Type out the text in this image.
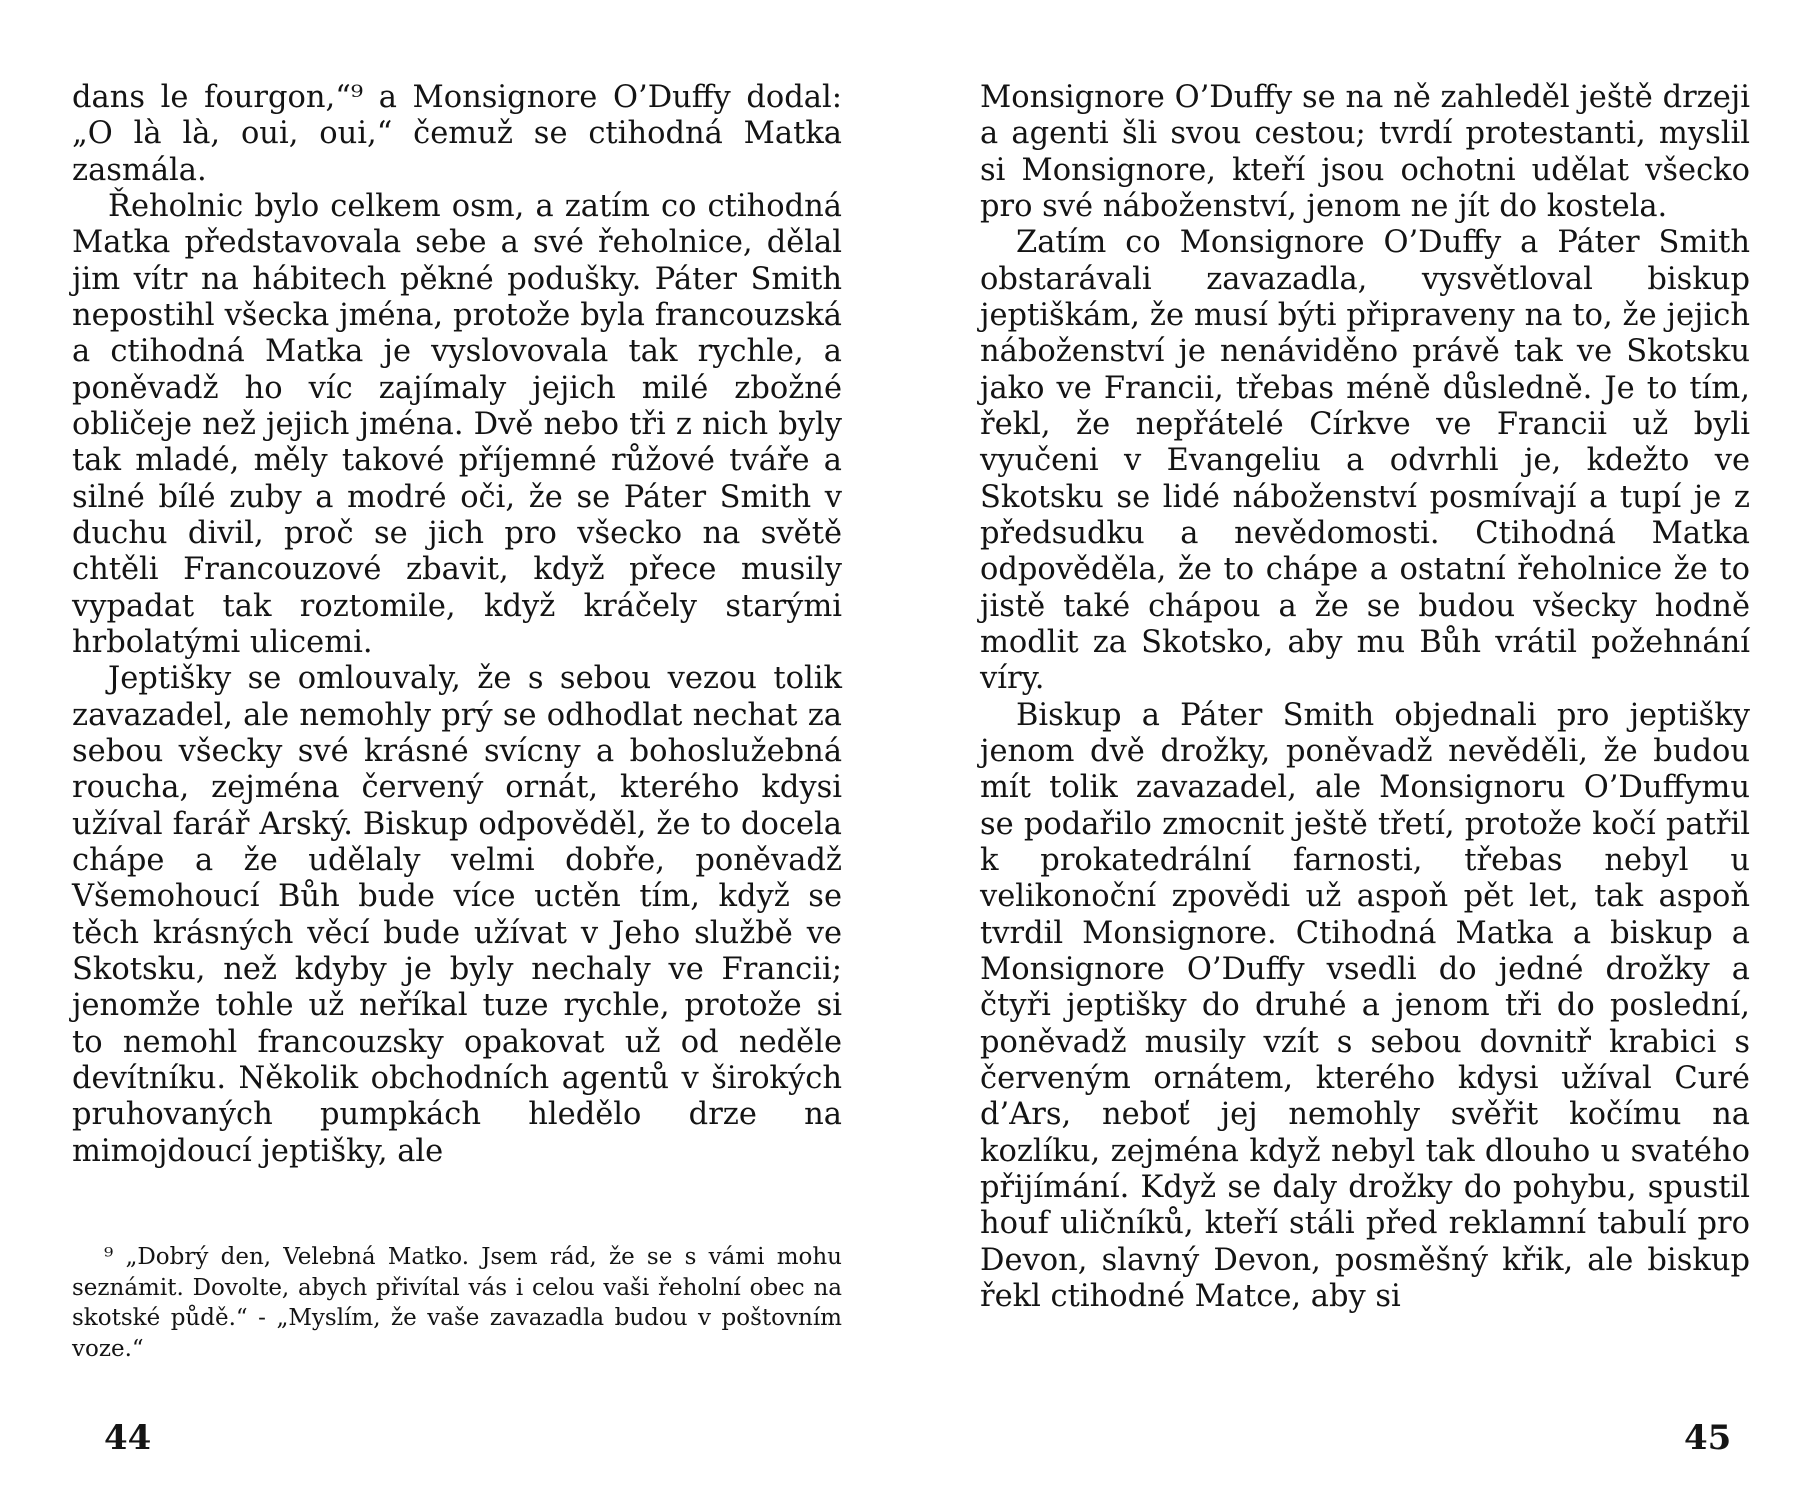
dans le fourgon,“⁹ a Monsignore O’Duffy dodal: „O là là, oui, oui,“ čemuž se ctihodná Matka zasmála.

Řeholnic bylo celkem osm, a zatím co ctihodná Matka představovala sebe a své řeholnice, dělal jim vítr na hábitech pěkné podušky. Páter Smith nepostihl všecka jména, protože byla francouzská a ctihodná Matka je vyslovovala tak rychle, a poněvadž ho víc zajímaly jejich milé zbožné obličeje než jejich jména. Dvě nebo tři z nich byly tak mladé, měly takové příjemné růžové tváře a silné bílé zuby a modré oči, že se Páter Smith v duchu divil, proč se jich pro všecko na světě chtěli Francouzové zbavit, když přece musily vypadat tak roztomile, když kráčely starými hrbolatými ulicemi.

Jeptišky se omlouvaly, že s sebou vezou tolik zavazadel, ale nemohly prý se odhodlat nechat za sebou všecky své krásné svícny a bohoslužebná roucha, zejména červený ornát, kterého kdysi užíval farář Arský. Biskup odpověděl, že to docela chápe a že udělaly velmi dobře, poněvadž Všemohoucí Bůh bude více uctěn tím, když se těch krásných věcí bude užívat v Jeho službě ve Skotsku, než kdyby je byly nechaly ve Francii; jenomže tohle už neříkal tuze rychle, protože si to nemohl francouzsky opakovat už od neděle devítníku. Několik obchodních agentů v širokých pruhovaných pumpkách hledělo drze na mimojdoucí jeptišky, ale

⁹ „Dobrý den, Velebná Matko. Jsem rád, že se s vámi mohu seznámit. Dovolte, abych přivítal vás i celou vaši řeholní obec na skotské půdě.“ - „Myslím, že vaše zavazadla budou v poštovním voze.“

44

Monsignore O’Duffy se na ně zahleděl ještě drzeji a agenti šli svou cestou; tvrdí protestanti, myslil si Monsignore, kteří jsou ochotni udělat všecko pro své náboženství, jenom ne jít do kostela.

Zatím co Monsignore O’Duffy a Páter Smith obstarávali zavazadla, vysvětloval biskup jeptiškám, že musí býti připraveny na to, že jejich náboženství je nenáviděno právě tak ve Skotsku jako ve Francii, třebas méně důsledně. Je to tím, řekl, že nepřátelé Církve ve Francii už byli vyučeni v Evangeliu a odvrhli je, kdežto ve Skotsku se lidé náboženství posmívají a tupí je z předsudku a nevědomosti. Ctihodná Matka odpověděla, že to chápe a ostatní řeholnice že to jistě také chápou a že se budou všecky hodně modlit za Skotsko, aby mu Bůh vrátil požehnání víry.

Biskup a Páter Smith objednali pro jeptišky jenom dvě drožky, poněvadž nevěděli, že budou mít tolik zavazadel, ale Monsignoru O’Duffymu se podařilo zmocnit ještě třetí, protože kočí patřil k prokatedrální farnosti, třebas nebyl u velikonoční zpovědi už aspoň pět let, tak aspoň tvrdil Monsignore. Ctihodná Matka a biskup a Monsignore O’Duffy vsedli do jedné drožky a čtyři jeptišky do druhé a jenom tři do poslední, poněvadž musily vzít s sebou dovnitř krabici s červeným ornátem, kterého kdysi užíval Curé d’Ars, neboť jej nemohly svěřit kočímu na kozlíku, zejména když nebyl tak dlouho u svatého přijímání. Když se daly drožky do pohybu, spustil houf uličníků, kteří stáli před reklamní tabulí pro Devon, slavný Devon, posměšný křik, ale biskup řekl ctihodné Matce, aby si

45
